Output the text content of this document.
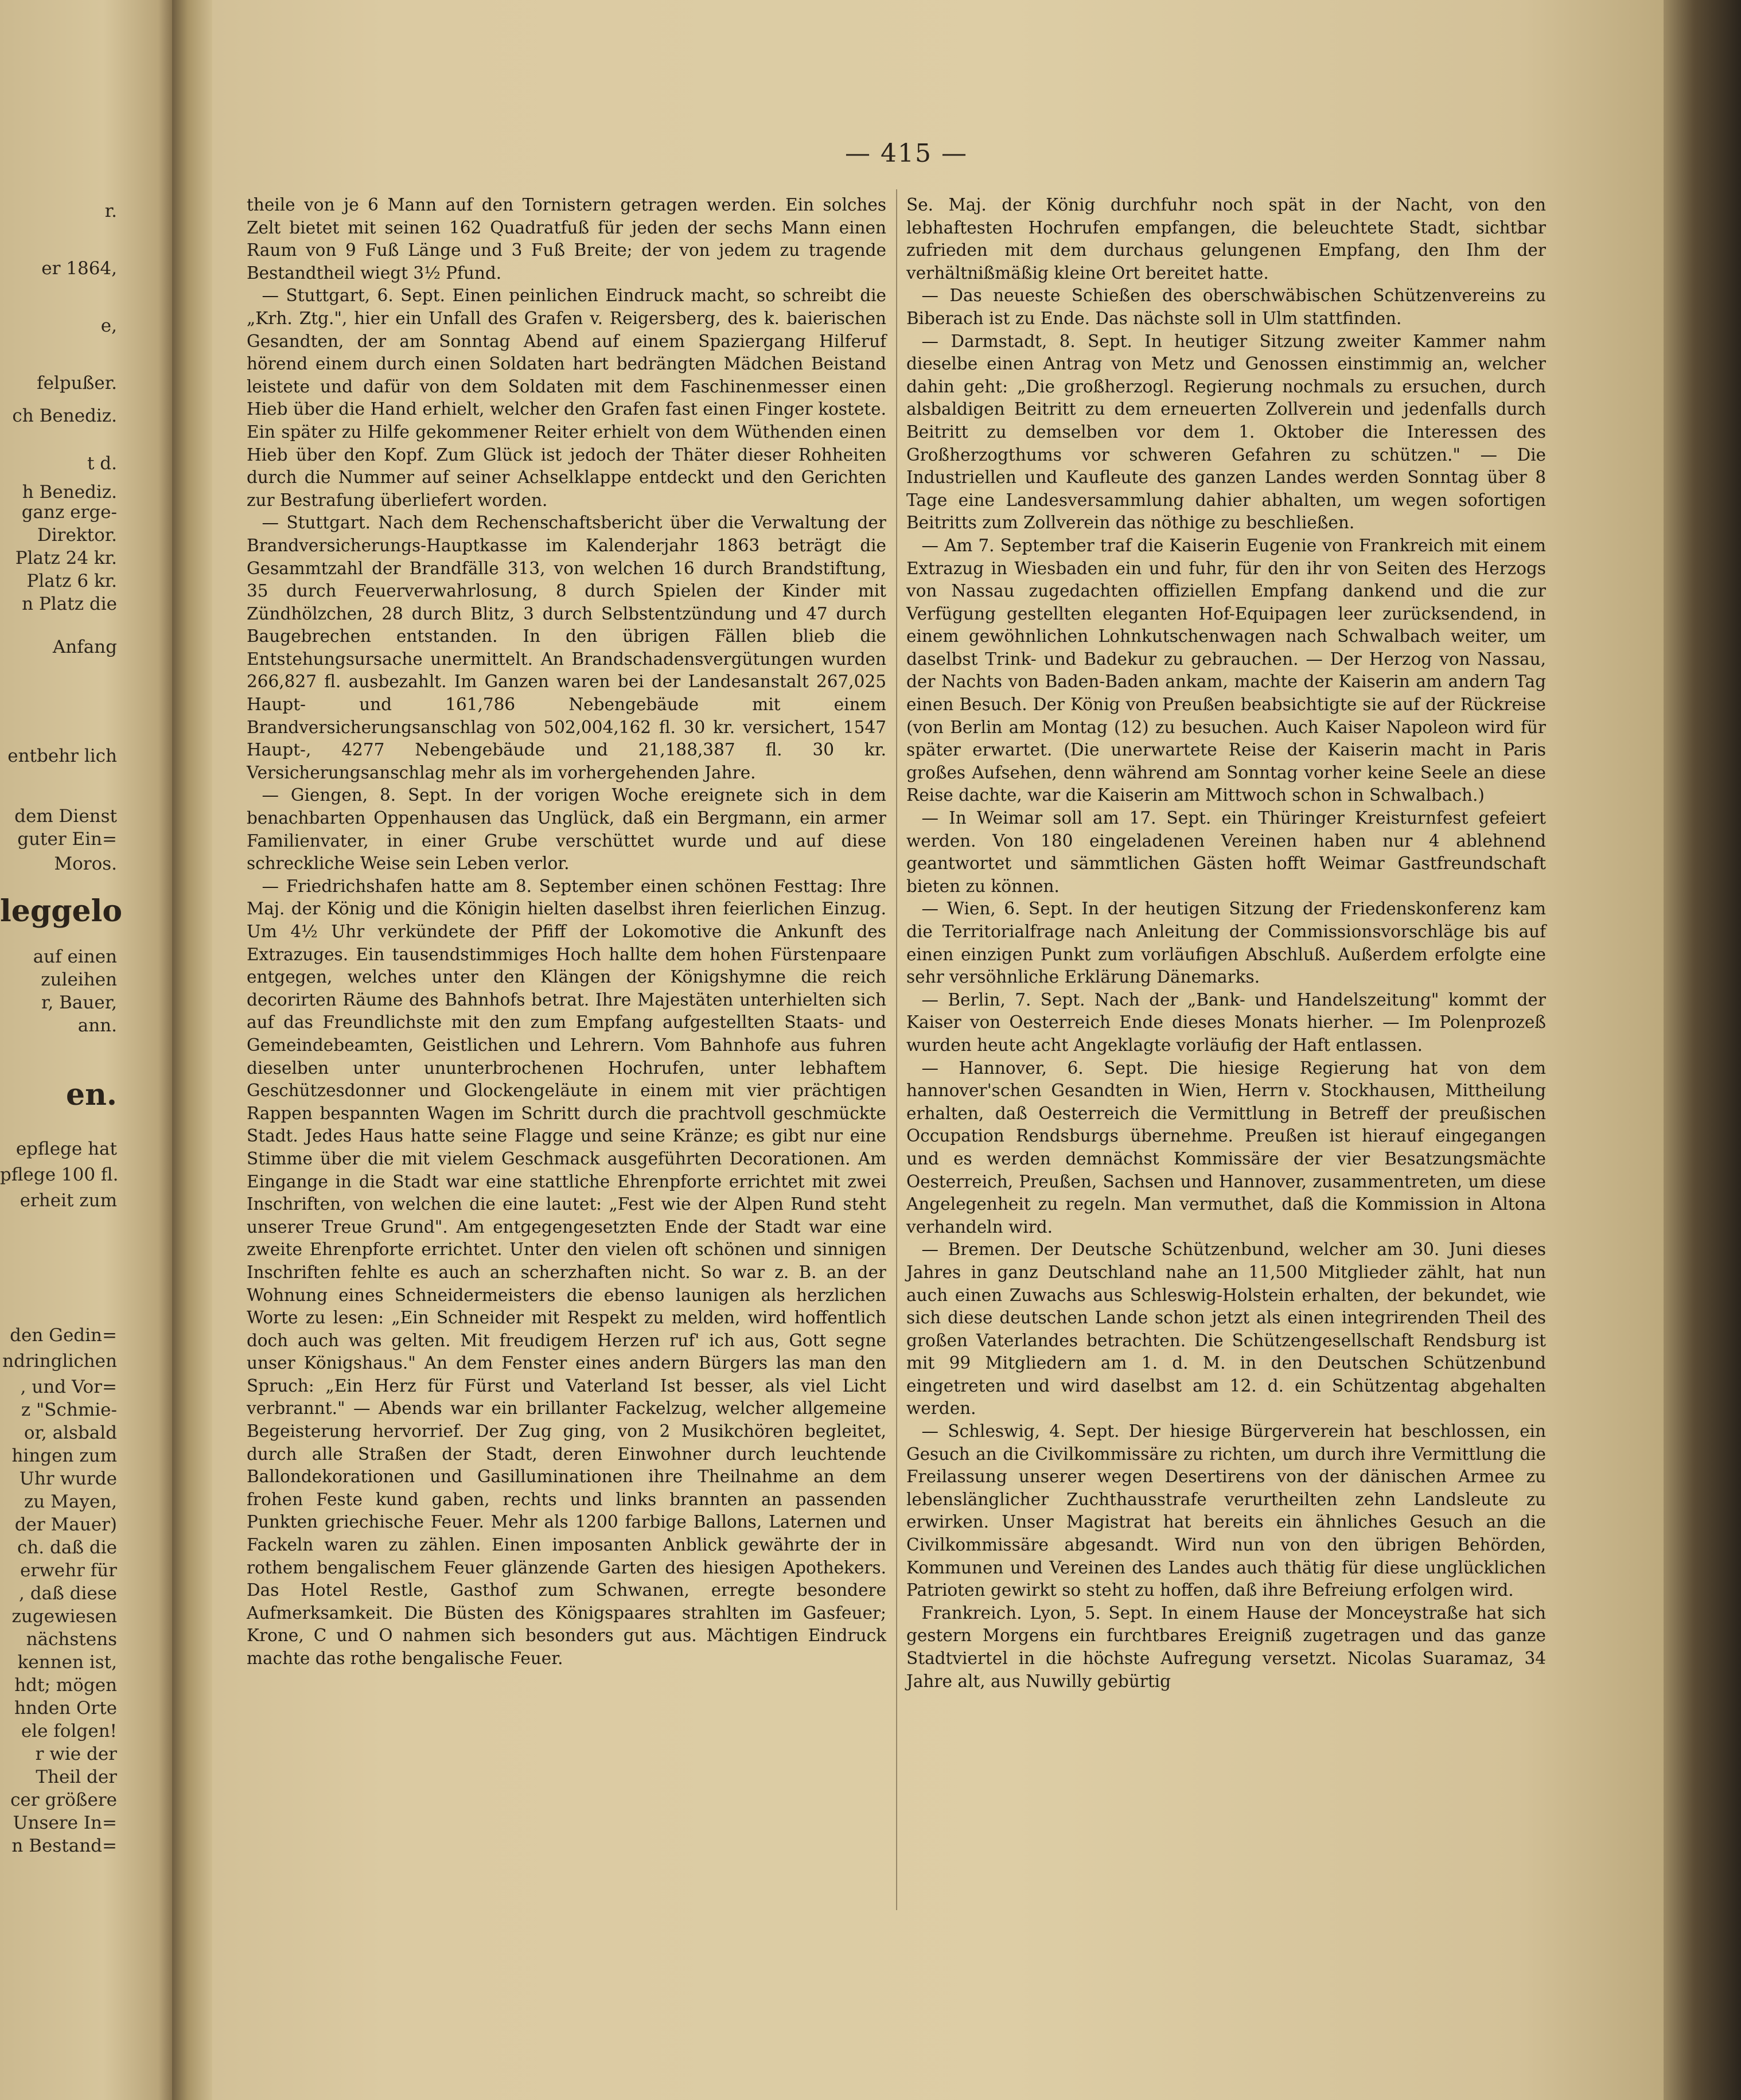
r.
er 1864,
e,
felpußer.
ch Benediz.
t d.
h Benediz.
ganz erge-
Direktor.
Platz 24 kr.
Platz 6 kr.
n Platz die
Anfang
entbehr lich
dem Dienst
guter Ein=
Moros.
leggelo
auf einen
zuleihen
r, Bauer,
ann.
en.
epflege hat
pflege 100 fl.
erheit zum
den Gedin=
ndringlichen
, und Vor=
z "Schmie-
or, alsbald
hingen zum
Uhr wurde
zu Mayen,
der Mauer)
ch. daß die
erwehr für
, daß diese
zugewiesen
nächstens
kennen ist,
hdt; mögen
hnden Orte
ele folgen!
r wie der
Theil der
cer größere
Unsere In=
n Bestand=
— 415 —

theile von je 6 Mann auf den Tornistern getragen werden. Ein solches Zelt bietet mit seinen 162 Quadratfuß für jeden der sechs Mann einen Raum von 9 Fuß Länge und 3 Fuß Breite; der von jedem zu tragende Bestandtheil wiegt 3½ Pfund.

— Stuttgart, 6. Sept. Einen peinlichen Eindruck macht, so schreibt die „Krh. Ztg.", hier ein Unfall des Grafen v. Reigersberg, des k. baierischen Gesandten, der am Sonntag Abend auf einem Spaziergang Hilferuf hörend einem durch einen Soldaten hart bedrängten Mädchen Beistand leistete und dafür von dem Soldaten mit dem Faschinenmesser einen Hieb über die Hand erhielt, welcher den Grafen fast einen Finger kostete. Ein später zu Hilfe gekommener Reiter erhielt von dem Wüthenden einen Hieb über den Kopf. Zum Glück ist jedoch der Thäter dieser Rohheiten durch die Nummer auf seiner Achselklappe entdeckt und den Gerichten zur Bestrafung überliefert worden.

— Stuttgart. Nach dem Rechenschaftsbericht über die Verwaltung der Brandversicherungs-Hauptkasse im Kalenderjahr 1863 beträgt die Gesammtzahl der Brandfälle 313, von welchen 16 durch Brandstiftung, 35 durch Feuerverwahrlosung, 8 durch Spielen der Kinder mit Zündhölzchen, 28 durch Blitz, 3 durch Selbstentzündung und 47 durch Baugebrechen entstanden. In den übrigen Fällen blieb die Entstehungsursache unermittelt. An Brandschadensvergütungen wurden 266,827 fl. ausbezahlt. Im Ganzen waren bei der Landesanstalt 267,025 Haupt- und 161,786 Nebengebäude mit einem Brandversicherungsanschlag von 502,004,162 fl. 30 kr. versichert, 1547 Haupt-, 4277 Nebengebäude und 21,188,387 fl. 30 kr. Versicherungsanschlag mehr als im vorhergehenden Jahre.

— Giengen, 8. Sept. In der vorigen Woche ereignete sich in dem benachbarten Oppenhausen das Unglück, daß ein Bergmann, ein armer Familienvater, in einer Grube verschüttet wurde und auf diese schreckliche Weise sein Leben verlor.

— Friedrichshafen hatte am 8. September einen schönen Festtag: Ihre Maj. der König und die Königin hielten daselbst ihren feierlichen Einzug. Um 4½ Uhr verkündete der Pfiff der Lokomotive die Ankunft des Extrazuges. Ein tausendstimmiges Hoch hallte dem hohen Fürstenpaare entgegen, welches unter den Klängen der Königshymne die reich decorirten Räume des Bahnhofs betrat. Ihre Majestäten unterhielten sich auf das Freundlichste mit den zum Empfang aufgestellten Staats- und Gemeindebeamten, Geistlichen und Lehrern. Vom Bahnhofe aus fuhren dieselben unter ununterbrochenen Hochrufen, unter lebhaftem Geschützesdonner und Glockengeläute in einem mit vier prächtigen Rappen bespannten Wagen im Schritt durch die prachtvoll geschmückte Stadt. Jedes Haus hatte seine Flagge und seine Kränze; es gibt nur eine Stimme über die mit vielem Geschmack ausgeführten Decorationen. Am Eingange in die Stadt war eine stattliche Ehrenpforte errichtet mit zwei Inschriften, von welchen die eine lautet: „Fest wie der Alpen Rund steht unserer Treue Grund". Am entgegengesetzten Ende der Stadt war eine zweite Ehrenpforte errichtet. Unter den vielen oft schönen und sinnigen Inschriften fehlte es auch an scherzhaften nicht. So war z. B. an der Wohnung eines Schneidermeisters die ebenso launigen als herzlichen Worte zu lesen: „Ein Schneider mit Respekt zu melden, wird hoffentlich doch auch was gelten. Mit freudigem Herzen ruf' ich aus, Gott segne unser Königshaus." An dem Fenster eines andern Bürgers las man den Spruch: „Ein Herz für Fürst und Vaterland Ist besser, als viel Licht verbrannt." — Abends war ein brillanter Fackelzug, welcher allgemeine Begeisterung hervorrief. Der Zug ging, von 2 Musikchören begleitet, durch alle Straßen der Stadt, deren Einwohner durch leuchtende Ballondekorationen und Gasilluminationen ihre Theilnahme an dem frohen Feste kund gaben, rechts und links brannten an passenden Punkten griechische Feuer. Mehr als 1200 farbige Ballons, Laternen und Fackeln waren zu zählen. Einen imposanten Anblick gewährte der in rothem bengalischem Feuer glänzende Garten des hiesigen Apothekers. Das Hotel Restle, Gasthof zum Schwanen, erregte besondere Aufmerksamkeit. Die Büsten des Königspaares strahlten im Gasfeuer; Krone, C und O nahmen sich besonders gut aus. Mächtigen Eindruck machte das rothe bengalische Feuer.

Se. Maj. der König durchfuhr noch spät in der Nacht, von den lebhaftesten Hochrufen empfangen, die beleuchtete Stadt, sichtbar zufrieden mit dem durchaus gelungenen Empfang, den Ihm der verhältnißmäßig kleine Ort bereitet hatte.

— Das neueste Schießen des oberschwäbischen Schützenvereins zu Biberach ist zu Ende. Das nächste soll in Ulm stattfinden.

— Darmstadt, 8. Sept. In heutiger Sitzung zweiter Kammer nahm dieselbe einen Antrag von Metz und Genossen einstimmig an, welcher dahin geht: „Die großherzogl. Regierung nochmals zu ersuchen, durch alsbaldigen Beitritt zu dem erneuerten Zollverein und jedenfalls durch Beitritt zu demselben vor dem 1. Oktober die Interessen des Großherzogthums vor schweren Gefahren zu schützen." — Die Industriellen und Kaufleute des ganzen Landes werden Sonntag über 8 Tage eine Landesversammlung dahier abhalten, um wegen sofortigen Beitritts zum Zollverein das nöthige zu beschließen.

— Am 7. September traf die Kaiserin Eugenie von Frankreich mit einem Extrazug in Wiesbaden ein und fuhr, für den ihr von Seiten des Herzogs von Nassau zugedachten offiziellen Empfang dankend und die zur Verfügung gestellten eleganten Hof-Equipagen leer zurücksendend, in einem gewöhnlichen Lohnkutschenwagen nach Schwalbach weiter, um daselbst Trink- und Badekur zu gebrauchen. — Der Herzog von Nassau, der Nachts von Baden-Baden ankam, machte der Kaiserin am andern Tag einen Besuch. Der König von Preußen beabsichtigte sie auf der Rückreise (von Berlin am Montag (12) zu besuchen. Auch Kaiser Napoleon wird für später erwartet. (Die unerwartete Reise der Kaiserin macht in Paris großes Aufsehen, denn während am Sonntag vorher keine Seele an diese Reise dachte, war die Kaiserin am Mittwoch schon in Schwalbach.)

— In Weimar soll am 17. Sept. ein Thüringer Kreisturnfest gefeiert werden. Von 180 eingeladenen Vereinen haben nur 4 ablehnend geantwortet und sämmtlichen Gästen hofft Weimar Gastfreundschaft bieten zu können.

— Wien, 6. Sept. In der heutigen Sitzung der Friedenskonferenz kam die Territorialfrage nach Anleitung der Commissionsvorschläge bis auf einen einzigen Punkt zum vorläufigen Abschluß. Außerdem erfolgte eine sehr versöhnliche Erklärung Dänemarks.

— Berlin, 7. Sept. Nach der „Bank- und Handelszeitung" kommt der Kaiser von Oesterreich Ende dieses Monats hierher. — Im Polenprozeß wurden heute acht Angeklagte vorläufig der Haft entlassen.

— Hannover, 6. Sept. Die hiesige Regierung hat von dem hannover'schen Gesandten in Wien, Herrn v. Stockhausen, Mittheilung erhalten, daß Oesterreich die Vermittlung in Betreff der preußischen Occupation Rendsburgs übernehme. Preußen ist hierauf eingegangen und es werden demnächst Kommissäre der vier Besatzungsmächte Oesterreich, Preußen, Sachsen und Hannover, zusammentreten, um diese Angelegenheit zu regeln. Man vermuthet, daß die Kommission in Altona verhandeln wird.

— Bremen. Der Deutsche Schützenbund, welcher am 30. Juni dieses Jahres in ganz Deutschland nahe an 11,500 Mitglieder zählt, hat nun auch einen Zuwachs aus Schleswig-Holstein erhalten, der bekundet, wie sich diese deutschen Lande schon jetzt als einen integrirenden Theil des großen Vaterlandes betrachten. Die Schützengesellschaft Rendsburg ist mit 99 Mitgliedern am 1. d. M. in den Deutschen Schützenbund eingetreten und wird daselbst am 12. d. ein Schützentag abgehalten werden.

— Schleswig, 4. Sept. Der hiesige Bürgerverein hat beschlossen, ein Gesuch an die Civilkommissäre zu richten, um durch ihre Vermittlung die Freilassung unserer wegen Desertirens von der dänischen Armee zu lebenslänglicher Zuchthausstrafe verurtheilten zehn Landsleute zu erwirken. Unser Magistrat hat bereits ein ähnliches Gesuch an die Civilkommissäre abgesandt. Wird nun von den übrigen Behörden, Kommunen und Vereinen des Landes auch thätig für diese unglücklichen Patrioten gewirkt so steht zu hoffen, daß ihre Befreiung erfolgen wird.

Frankreich. Lyon, 5. Sept. In einem Hause der Monceystraße hat sich gestern Morgens ein furchtbares Ereigniß zugetragen und das ganze Stadtviertel in die höchste Aufregung versetzt. Nicolas Suaramaz, 34 Jahre alt, aus Nuwilly gebürtig
